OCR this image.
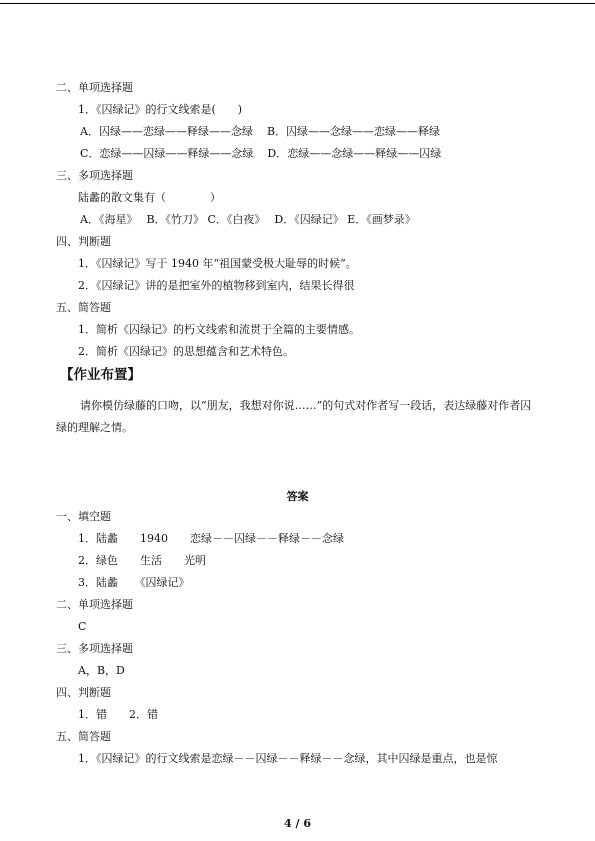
二、单项选择题
1．《囚绿记》的行文线索是(　　)
A．囚绿——恋绿——释绿——念绿 B．囚绿——念绿——恋绿——释绿
C．恋绿——囚绿——释绿——念绿 D．恋绿——念绿——释绿——囚绿
三、多项选择题
陆蠡的散文集有（　　　　）
A．《海星》　 B．《竹刀》 C．《白夜》　 D．《囚绿记》 E．《画梦录》
四、判断题
1．《囚绿记》写于 1940 年“祖国蒙受极大耻辱的时候”。
2．《囚绿记》讲的是把室外的植物移到室内，结果长得很
五、简答题
1．简析《囚绿记》的朽文线索和流贯于全篇的主要情感。
2．简析《囚绿记》的思想蕴含和艺术特色。
【作业布置】
请你模仿绿藤的口吻，以“朋友，我想对你说……”的句式对作者写一段话，表达绿藤对作者囚绿的理解之情。
答案
一、填空题
1．陆蠡　　1940　　恋绿－－囚绿－－释绿－－念绿
2．绿色　　生活　　光明
3．陆蠡　　《囚绿记》
二、单项选择题
C
三、多项选择题
A，B，D
四、判断题
1．错　　2．错
五、简答题
1．《囚绿记》的行文线索是恋绿－－囚绿－－释绿－－念绿，其中囚绿是重点，也是惊
4 / 6
